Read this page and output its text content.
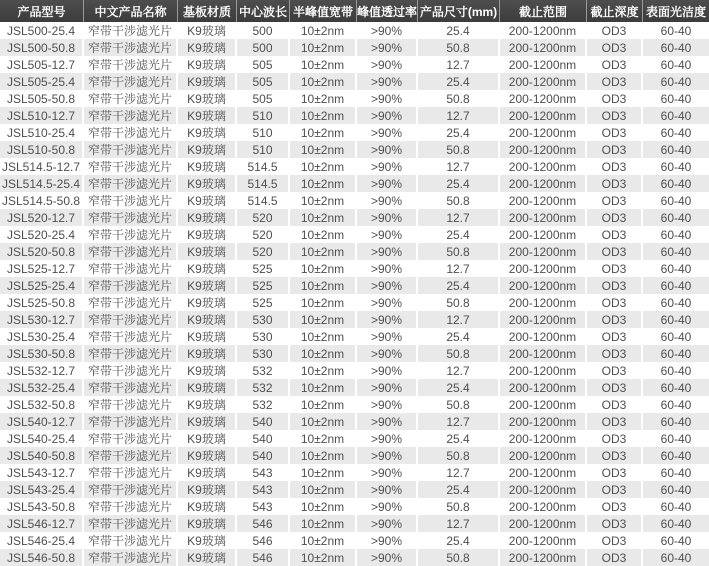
产品型号	中文产品名称	基板材质	中心波长	半峰值宽带	峰值透过率	产品尺寸(mm)	截止范围	截止深度	表面光洁度
JSL500-25.4	窄带干涉滤光片	K9玻璃	500	10±2nm	>90%	25.4	200-1200nm	OD3	60-40
JSL500-50.8	窄带干涉滤光片	K9玻璃	500	10±2nm	>90%	50.8	200-1200nm	OD3	60-40
JSL505-12.7	窄带干涉滤光片	K9玻璃	505	10±2nm	>90%	12.7	200-1200nm	OD3	60-40
JSL505-25.4	窄带干涉滤光片	K9玻璃	505	10±2nm	>90%	25.4	200-1200nm	OD3	60-40
JSL505-50.8	窄带干涉滤光片	K9玻璃	505	10±2nm	>90%	50.8	200-1200nm	OD3	60-40
JSL510-12.7	窄带干涉滤光片	K9玻璃	510	10±2nm	>90%	12.7	200-1200nm	OD3	60-40
JSL510-25.4	窄带干涉滤光片	K9玻璃	510	10±2nm	>90%	25.4	200-1200nm	OD3	60-40
JSL510-50.8	窄带干涉滤光片	K9玻璃	510	10±2nm	>90%	50.8	200-1200nm	OD3	60-40
JSL514.5-12.7	窄带干涉滤光片	K9玻璃	514.5	10±2nm	>90%	12.7	200-1200nm	OD3	60-40
JSL514.5-25.4	窄带干涉滤光片	K9玻璃	514.5	10±2nm	>90%	25.4	200-1200nm	OD3	60-40
JSL514.5-50.8	窄带干涉滤光片	K9玻璃	514.5	10±2nm	>90%	50.8	200-1200nm	OD3	60-40
JSL520-12.7	窄带干涉滤光片	K9玻璃	520	10±2nm	>90%	12.7	200-1200nm	OD3	60-40
JSL520-25.4	窄带干涉滤光片	K9玻璃	520	10±2nm	>90%	25.4	200-1200nm	OD3	60-40
JSL520-50.8	窄带干涉滤光片	K9玻璃	520	10±2nm	>90%	50.8	200-1200nm	OD3	60-40
JSL525-12.7	窄带干涉滤光片	K9玻璃	525	10±2nm	>90%	12.7	200-1200nm	OD3	60-40
JSL525-25.4	窄带干涉滤光片	K9玻璃	525	10±2nm	>90%	25.4	200-1200nm	OD3	60-40
JSL525-50.8	窄带干涉滤光片	K9玻璃	525	10±2nm	>90%	50.8	200-1200nm	OD3	60-40
JSL530-12.7	窄带干涉滤光片	K9玻璃	530	10±2nm	>90%	12.7	200-1200nm	OD3	60-40
JSL530-25.4	窄带干涉滤光片	K9玻璃	530	10±2nm	>90%	25.4	200-1200nm	OD3	60-40
JSL530-50.8	窄带干涉滤光片	K9玻璃	530	10±2nm	>90%	50.8	200-1200nm	OD3	60-40
JSL532-12.7	窄带干涉滤光片	K9玻璃	532	10±2nm	>90%	12.7	200-1200nm	OD3	60-40
JSL532-25.4	窄带干涉滤光片	K9玻璃	532	10±2nm	>90%	25.4	200-1200nm	OD3	60-40
JSL532-50.8	窄带干涉滤光片	K9玻璃	532	10±2nm	>90%	50.8	200-1200nm	OD3	60-40
JSL540-12.7	窄带干涉滤光片	K9玻璃	540	10±2nm	>90%	12.7	200-1200nm	OD3	60-40
JSL540-25.4	窄带干涉滤光片	K9玻璃	540	10±2nm	>90%	25.4	200-1200nm	OD3	60-40
JSL540-50.8	窄带干涉滤光片	K9玻璃	540	10±2nm	>90%	50.8	200-1200nm	OD3	60-40
JSL543-12.7	窄带干涉滤光片	K9玻璃	543	10±2nm	>90%	12.7	200-1200nm	OD3	60-40
JSL543-25.4	窄带干涉滤光片	K9玻璃	543	10±2nm	>90%	25.4	200-1200nm	OD3	60-40
JSL543-50.8	窄带干涉滤光片	K9玻璃	543	10±2nm	>90%	50.8	200-1200nm	OD3	60-40
JSL546-12.7	窄带干涉滤光片	K9玻璃	546	10±2nm	>90%	12.7	200-1200nm	OD3	60-40
JSL546-25.4	窄带干涉滤光片	K9玻璃	546	10±2nm	>90%	25.4	200-1200nm	OD3	60-40
JSL546-50.8	窄带干涉滤光片	K9玻璃	546	10±2nm	>90%	50.8	200-1200nm	OD3	60-40
